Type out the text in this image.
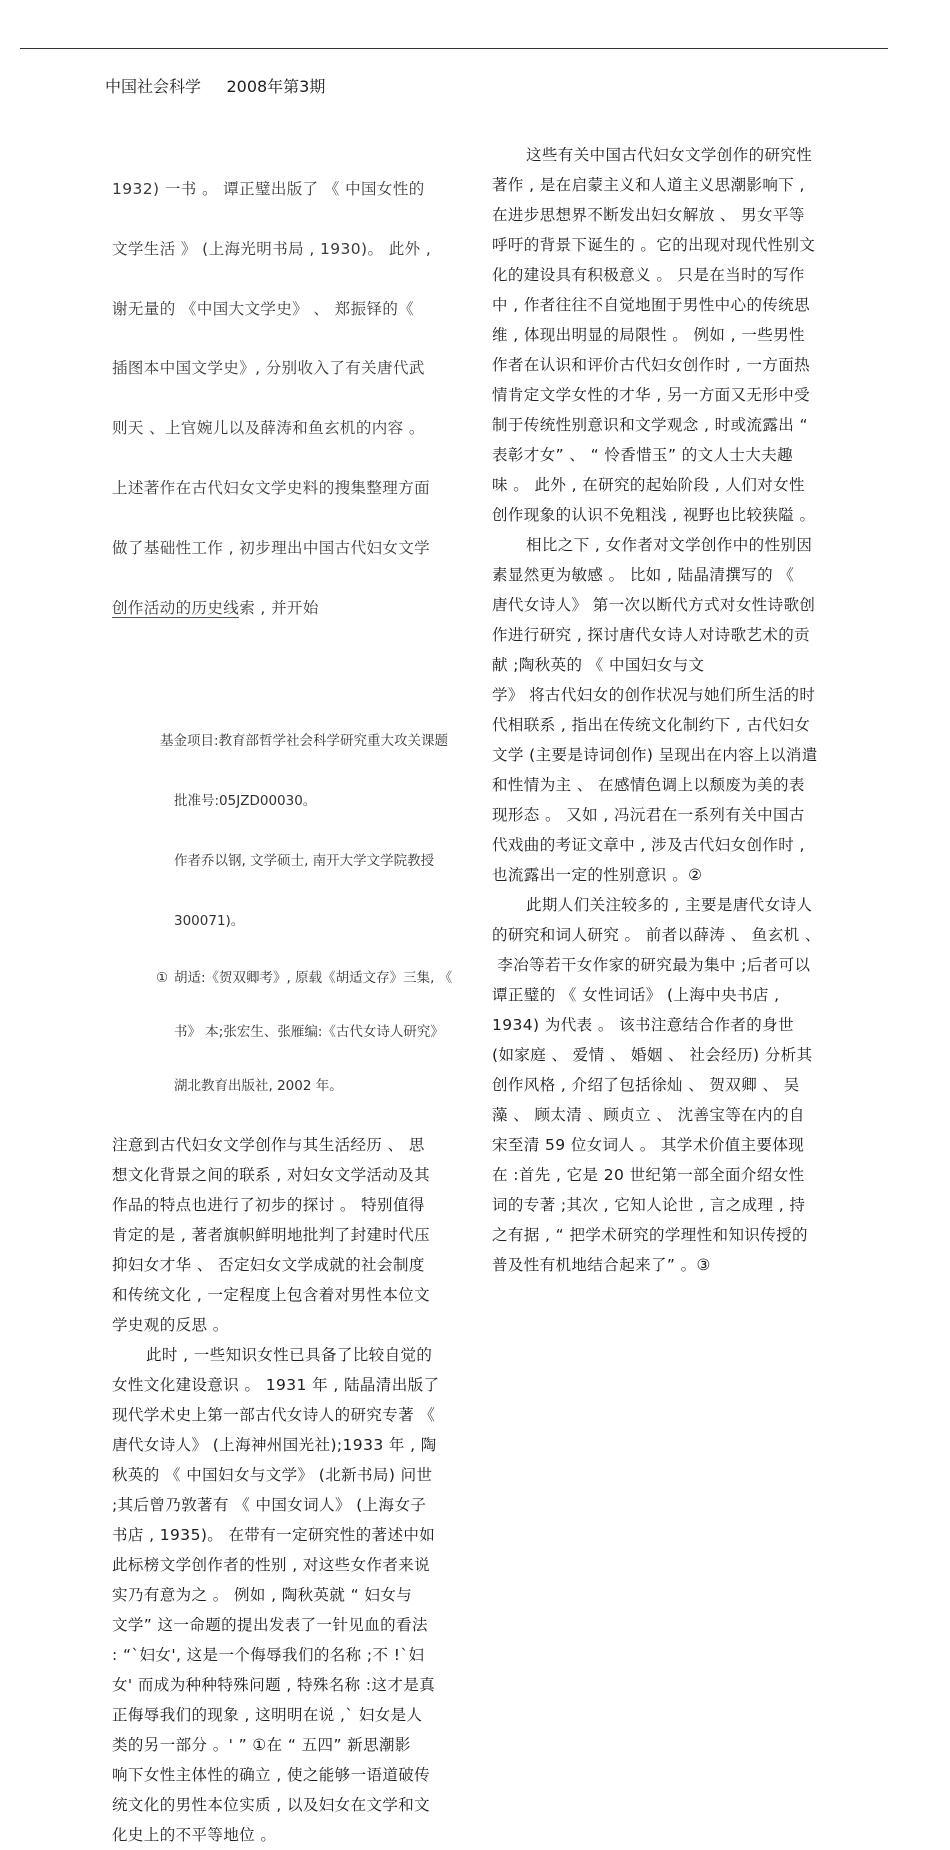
中国社会科学 2008年第3期

1932) 一书 。 谭正璧出版了 《 中国女性的

文学生活 》 (上海光明书局 , 1930)。 此外 ,

谢无量的 《中国大文学史》 、 郑振铎的《

插图本中国文学史》, 分别收入了有关唐代武

则天 、上官婉儿以及薛涛和鱼玄机的内容 。

上述著作在古代妇女文学史料的搜集整理方面

做了基础性工作 , 初步理出中国古代妇女文学

创作活动的历史线索 , 并开始

基金项目:教育部哲学社会科学研究重大攻关课题

批准号:05JZD00030。

作者乔以钢, 文学硕士, 南开大学文学院教授

300071)。

① 胡适:《贺双卿考》, 原载《胡适文存》三集, 《

书》 本;张宏生、张雁编:《古代女诗人研究》

湖北教育出版社, 2002 年。

注意到古代妇女文学创作与其生活经历 、 思
想文化背景之间的联系 , 对妇女文学活动及其
作品的特点也进行了初步的探讨 。 特别值得
肯定的是 , 著者旗帜鲜明地批判了封建时代压
抑妇女才华 、 否定妇女文学成就的社会制度
和传统文化 , 一定程度上包含着对男性本位文
学史观的反思 。
此时 , 一些知识女性已具备了比较自觉的
女性文化建设意识 。 1931 年 , 陆晶清出版了
现代学术史上第一部古代女诗人的研究专著 《
唐代女诗人》 (上海神州国光社);1933 年 , 陶
秋英的 《 中国妇女与文学》 (北新书局) 问世
;其后曾乃敦著有 《 中国女词人》 (上海女子
书店 , 1935)。 在带有一定研究性的著述中如
此标榜文学创作者的性别 , 对这些女作者来说
实乃有意为之 。 例如 , 陶秋英就 “ 妇女与
文学” 这一命题的提出发表了一针见血的看法
: “`妇女', 这是一个侮辱我们的名称 ;不 !`妇
女' 而成为种种特殊问题 , 特殊名称 :这才是真
正侮辱我们的现象 , 这明明在说 ,` 妇女是人
类的另一部分 。' ” ①在 “ 五四” 新思潮影
响下女性主体性的确立 , 使之能够一语道破传
统文化的男性本位实质 , 以及妇女在文学和文
化史上的不平等地位 。
这些有关中国古代妇女文学创作的研究性
著作 , 是在启蒙主义和人道主义思潮影响下 ,
在进步思想界不断发出妇女解放 、 男女平等
呼吁的背景下诞生的 。它的出现对现代性别文
化的建设具有积极意义 。 只是在当时的写作
中 , 作者往往不自觉地囿于男性中心的传统思
维 , 体现出明显的局限性 。 例如 , 一些男性
作者在认识和评价古代妇女创作时 , 一方面热
情肯定文学女性的才华 , 另一方面又无形中受
制于传统性别意识和文学观念 , 时或流露出 “
表彰才女” 、 “ 怜香惜玉” 的文人士大夫趣
味 。 此外 , 在研究的起始阶段 , 人们对女性
创作现象的认识不免粗浅 , 视野也比较狭隘 。
相比之下 , 女作者对文学创作中的性别因
素显然更为敏感 。 比如 , 陆晶清撰写的 《
唐代女诗人》 第一次以断代方式对女性诗歌创
作进行研究 , 探讨唐代女诗人对诗歌艺术的贡
献 ;陶秋英的 《 中国妇女与文
学》 将古代妇女的创作状况与她们所生活的时
代相联系 , 指出在传统文化制约下 , 古代妇女
文学 (主要是诗词创作) 呈现出在内容上以消遣
和性情为主 、 在感情色调上以颓废为美的表
现形态 。 又如 , 冯沅君在一系列有关中国古
代戏曲的考证文章中 , 涉及古代妇女创作时 ,
也流露出一定的性别意识 。②
此期人们关注较多的 , 主要是唐代女诗人
的研究和词人研究 。 前者以薛涛 、 鱼玄机 、
李冶等若干女作家的研究最为集中 ;后者可以
谭正璧的 《 女性词话》 (上海中央书店 ,
1934) 为代表 。 该书注意结合作者的身世
(如家庭 、 爱情 、 婚姻 、 社会经历) 分析其
创作风格 , 介绍了包括徐灿 、 贺双卿 、 吴
藻 、 顾太清 、顾贞立 、 沈善宝等在内的自
宋至清 59 位女词人 。 其学术价值主要体现
在 :首先 , 它是 20 世纪第一部全面介绍女性
词的专著 ;其次 , 它知人论世 , 言之成理 , 持
之有据 , “ 把学术研究的学理性和知识传授的
普及性有机地结合起来了” 。③
